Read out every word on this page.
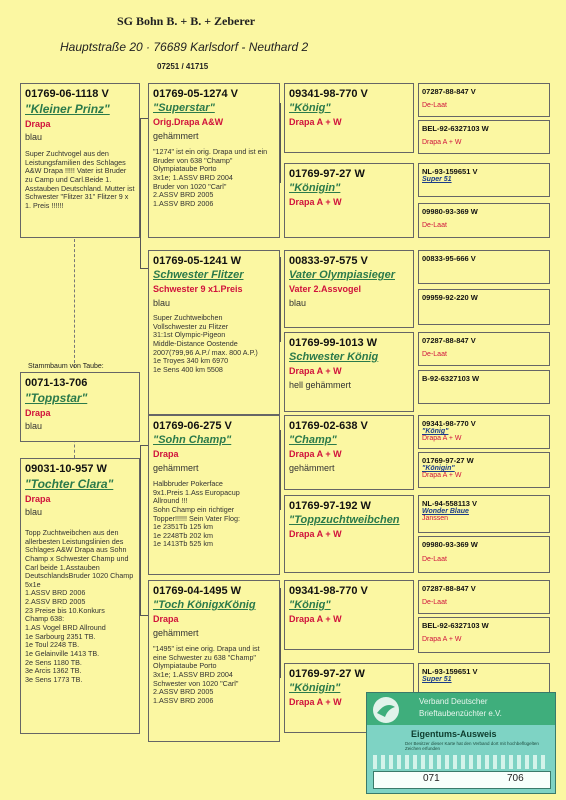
SG Bohn B. + B. + Zeberer
Hauptstraße 20 · 76689 Karlsdorf - Neuthard 2
07251 / 41715
01769-06-1118 V
"Kleiner Prinz"
Drapa
blau
Super Zuchtvogel aus den Leistungsfamilien des Schlages A&W Drapa !!!!! Vater ist Bruder zu Camp und Carl.Beide 1. Asstauben Deutschland. Mutter ist Schwester "Flitzer 31" Flitzer 9 x 1. Preis !!!!!!
Stammbaum von Taube:
0071-13-706
"Toppstar"
Drapa
blau
09031-10-957 W
"Tochter Clara"
Drapa
blau
Topp Zuchtweibchen aus den allerbesten Leistungslinien des Schlages A&W Drapa aus Sohn Champ x Schwester Champ und Carl beide 1.Asstauben DeutschlandsBruder 1020 Champ 5x1e
1.ASSV BRD 2006
2.ASSV BRD 2005
23 Preise bis 10.Konkurs
Champ 638:
1.AS Vogel BRD Allround
1e Sarbourg 2351 TB.
1e Toul 2248 TB.
1e Gelainville 1413 TB.
2e Sens 1180 TB.
3e Arcis 1362 TB.
3e Sens 1773 TB.
01769-05-1274 V
"Superstar"
Orig.Drapa A&W
gehämmert
"1274" ist ein orig. Drapa und ist ein Bruder von 638 "Champ"
Olympiataube Porto
3x1e; 1.ASSV BRD 2004
Bruder von 1020 "Carl"
2.ASSV BRD 2005
1.ASSV BRD 2006
01769-05-1241 W
Schwester Flitzer
Schwester 9 x1.Preis
blau
Super Zuchtweibchen
Vollschwester zu Flitzer
31:1st Olympic-Pigeon
Middle-Distance Oostende
2007(799,96 A.P./ max. 800 A.P.)
1e Troyes 340 km 6970
1e Sens 400 km 5508
01769-06-275 V
"Sohn Champ"
Drapa
gehämmert
Halbbruder Pokerface
9x1.Preis 1.Ass Europacup
Allround !!!
Sohn Champ ein richtiger
Topper!!!!!! Sein Vater Flog:
1e 2351Tb 125 km
1e 2248Tb 202 km
1e 1413Tb 525 km
01769-04-1495 W
"Toch KönigxKönig
Drapa
gehämmert
"1495" ist eine orig. Drapa und ist eine Schwester zu 638 "Champ"
Olympiataube Porto
3x1e; 1.ASSV BRD 2004
Schwester von 1020 "Carl"
2.ASSV BRD 2005
1.ASSV BRD 2006
09341-98-770 V
"König"
Drapa A + W
01769-97-27 W
"Königin"
Drapa A + W
00833-97-575 V
Vater Olympiasieger
Vater 2.Assvogel
blau
01769-99-1013 W
Schwester König
Drapa A + W
hell gehämmert
01769-02-638 V
"Champ"
Drapa A + W
gehämmert
01769-97-192 W
"Toppzuchtweibchen
Drapa A + W
09341-98-770 V
"König"
Drapa A + W
01769-97-27 W
"Königin"
Drapa A + W
07287-88-847 V
De-Laat
BEL-92-6327103 W
Drapa A + W
NL-93-159651 V
Super 51
09980-93-369 W
De-Laat
00833-95-666 V
09959-92-220 W
07287-88-847 V
De-Laat
B-92-6327103 W
09341-98-770 V
"König"
Drapa A + W
01769-97-27 W
"Königin"
Drapa A + W
NL-94-558113 V
Wonder Blaue
Janssen
09980-93-369 W
De-Laat
07287-88-847 V
De-Laat
BEL-92-6327103 W
Drapa A + W
NL-93-159651 V
Super 51
Verband Deutscher
Brieftaubenzüchter e.V.
Eigentums-Ausweis
Der Besitzer dieser Karte hat den Verband dort mit hochbeflügelten Zeichen erfunden
071	706
